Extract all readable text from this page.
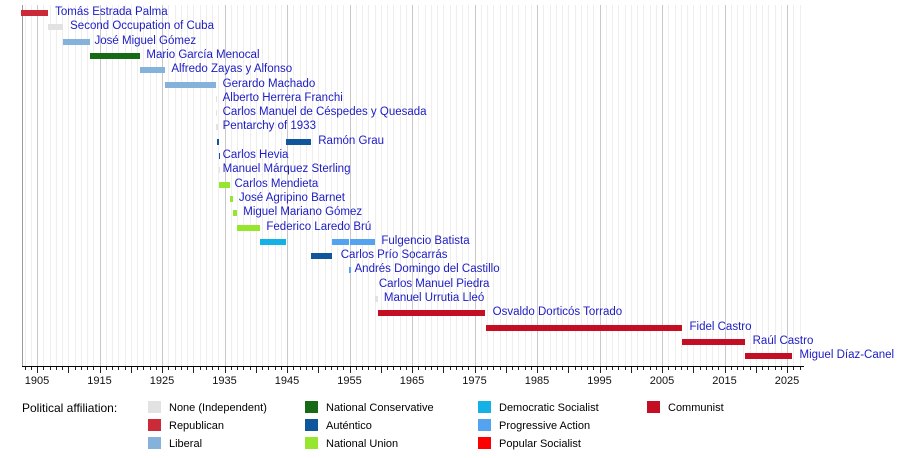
Tomás Estrada Palma
Second Occupation of Cuba
José Miguel Gómez
Mario García Menocal
Alfredo Zayas y Alfonso
Gerardo Machado
Alberto Herrera Franchi
Carlos Manuel de Céspedes y Quesada
Pentarchy of 1933
Ramón Grau
Carlos Hevia
Manuel Márquez Sterling
Carlos Mendieta
José Agripino Barnet
Miguel Mariano Gómez
Federico Laredo Brú
Fulgencio Batista
Carlos Prío Socarrás
Andrés Domingo del Castillo
Carlos Manuel Piedra
Manuel Urrutia Lleó
Osvaldo Dorticós Torrado
Fidel Castro
Raúl Castro
Miguel Díaz-Canel
1905	1915	1925	1935	1945	1955	1965	1975	1985	1995	2005	2015	2025
Political affiliation:	None (Independent)
Republican
Liberal
National Conservative
Auténtico
National Union
Democratic Socialist
Progressive Action
Popular Socialist
Communist
